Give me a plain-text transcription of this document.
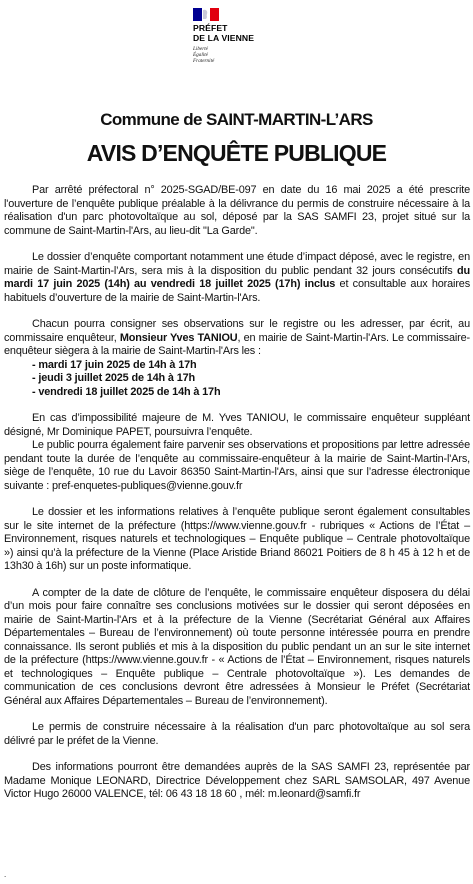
PRÉFET
DE LA VIENNE
Liberté
Égalité
Fraternité
Commune de SAINT-MARTIN-L’ARS
AVIS D’ENQUÊTE PUBLIQUE

Par arrêté préfectoral n° 2025-SGAD/BE-097 en date du 16 mai 2025 a été prescrite l'ouverture de l’enquête publique préalable à la délivrance du permis de construire nécessaire à la réalisation d'un parc photovoltaïque au sol, déposé par la SAS SAMFI 23, projet situé sur la commune de Saint-Martin-l'Ars, au lieu-dit "La Garde".

Le dossier d’enquête comportant notamment une étude d’impact déposé, avec le registre, en mairie de Saint-Martin-l’Ars, sera mis à la disposition du public pendant 32 jours consécutifs du mardi 17 juin 2025 (14h) au vendredi 18 juillet 2025 (17h) inclus et consultable aux horaires habituels d’ouverture de la mairie de Saint-Martin-l'Ars.

Chacun pourra consigner ses observations sur le registre ou les adresser, par écrit, au commissaire enquêteur, Monsieur Yves TANIOU, en mairie de Saint-Martin-l'Ars. Le commissaire-enquêteur siègera à la mairie de Saint-Martin-l'Ars les :

- mardi 17 juin 2025 de 14h à 17h
- jeudi 3 juillet 2025 de 14h à 17h
- vendredi 18 juillet 2025 de 14h à 17h

En cas d’impossibilité majeure de M. Yves TANIOU, le commissaire enquêteur suppléant désigné, Mr Dominique PAPET, poursuivra l’enquête.

Le public pourra également faire parvenir ses observations et propositions par lettre adressée pendant toute la durée de l’enquête au commissaire-enquêteur à la mairie de Saint-Martin-l'Ars, siège de l’enquête, 10 rue du Lavoir 86350 Saint-Martin-l'Ars, ainsi que sur l’adresse électronique suivante : pref-enquetes-publiques@vienne.gouv.fr

Le dossier et les informations relatives à l’enquête publique seront également consultables sur le site internet de la préfecture (https://www.vienne.gouv.fr - rubriques « Actions de l’État – Environnement, risques naturels et technologiques – Enquête publique – Centrale photovoltaïque ») ainsi qu’à la préfecture de la Vienne (Place Aristide Briand 86021 Poitiers de 8 h 45 à 12 h et de 13h30 à 16h) sur un poste informatique.

A compter de la date de clôture de l’enquête, le commissaire enquêteur disposera du délai d’un mois pour faire connaître ses conclusions motivées sur le dossier qui seront déposées en mairie de Saint-Martin-l'Ars et à la préfecture de la Vienne (Secrétariat Général aux Affaires Départementales – Bureau de l’environnement) où toute personne intéressée pourra en prendre connaissance. Ils seront publiés et mis à la disposition du public pendant un an sur le site internet de la préfecture (https://www.vienne.gouv.fr - « Actions de l’État – Environnement, risques naturels et technologiques – Enquête publique – Centrale photovoltaïque »). Les demandes de communication de ces conclusions devront être adressées à Monsieur le Préfet (Secrétariat Général aux Affaires Départementales – Bureau de l’environnement).

Le permis de construire nécessaire à la réalisation d'un parc photovoltaïque au sol sera délivré par le préfet de la Vienne.

Des informations pourront être demandées auprès de la SAS SAMFI 23, représentée par Madame Monique LEONARD, Directrice Développement chez SARL SAMSOLAR, 497 Avenue Victor Hugo 26000 VALENCE, tél: 06 43 18 18 60 , mél: m.leonard@samfi.fr

.
